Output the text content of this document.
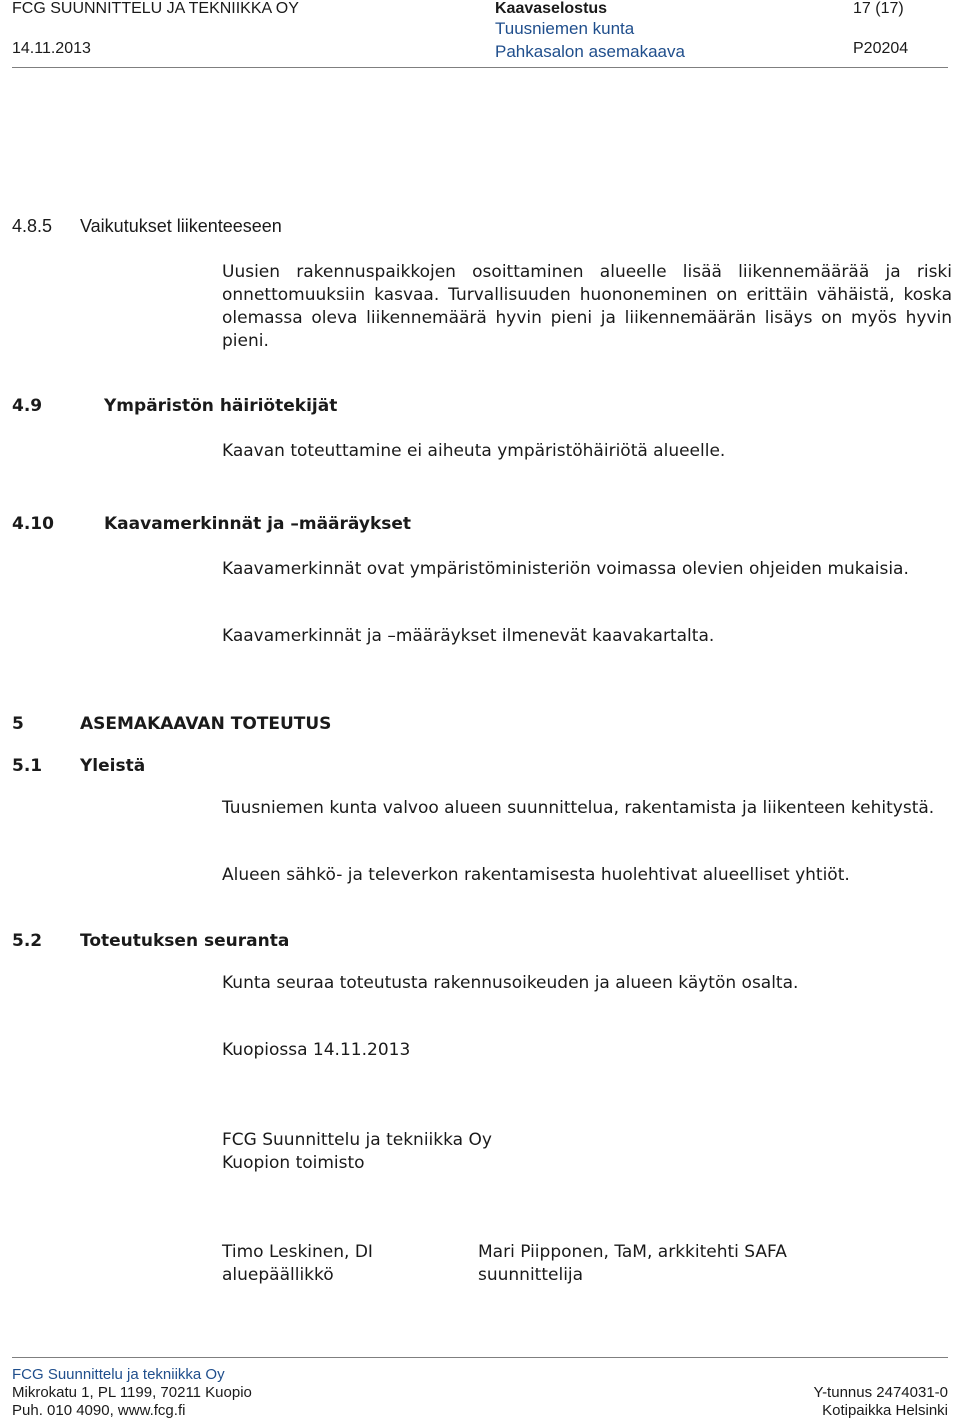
FCG SUUNNITTELU JA TEKNIIKKA OY
14.11.2013
Kaavaselostus
Tuusniemen kunta
Pahkasalon asemakaava
17 (17)
P20204
4.8.5 Vaikutukset liikenteeseen
Uusien rakennuspaikkojen osoittaminen alueelle lisää liikennemäärää ja riski onnettomuuksiin kasvaa. Turvallisuuden huononeminen on erittäin vähäistä, koska olemassa oleva liikennemäärä hyvin pieni ja liikennemäärän lisäys on myös hyvin pieni.
4.9	Ympäristön häiriötekijät
Kaavan toteuttamine ei aiheuta ympäristöhäiriötä alueelle.
4.10	Kaavamerkinnät ja –määräykset
Kaavamerkinnät ovat ympäristöministeriön voimassa olevien ohjeiden mukaisia.
Kaavamerkinnät ja –määräykset ilmenevät kaavakartalta.
5	ASEMAKAAVAN TOTEUTUS
5.1 Yleistä
Tuusniemen kunta valvoo alueen suunnittelua, rakentamista ja liikenteen kehitystä.
Alueen sähkö- ja televerkon rakentamisesta huolehtivat alueelliset yhtiöt.
5.2 Toteutuksen seuranta
Kunta seuraa toteutusta rakennusoikeuden ja alueen käytön osalta.
Kuopiossa 14.11.2013
FCG Suunnittelu ja tekniikka Oy
Kuopion toimisto
Timo Leskinen, DI
aluepäällikkö
Mari Piipponen, TaM, arkkitehti SAFA
suunnittelija
FCG Suunnittelu ja tekniikka Oy
Mikrokatu 1, PL 1199, 70211 Kuopio
Puh. 010 4090, www.fcg.fi
Y-tunnus 2474031-0
Kotipaikka Helsinki
